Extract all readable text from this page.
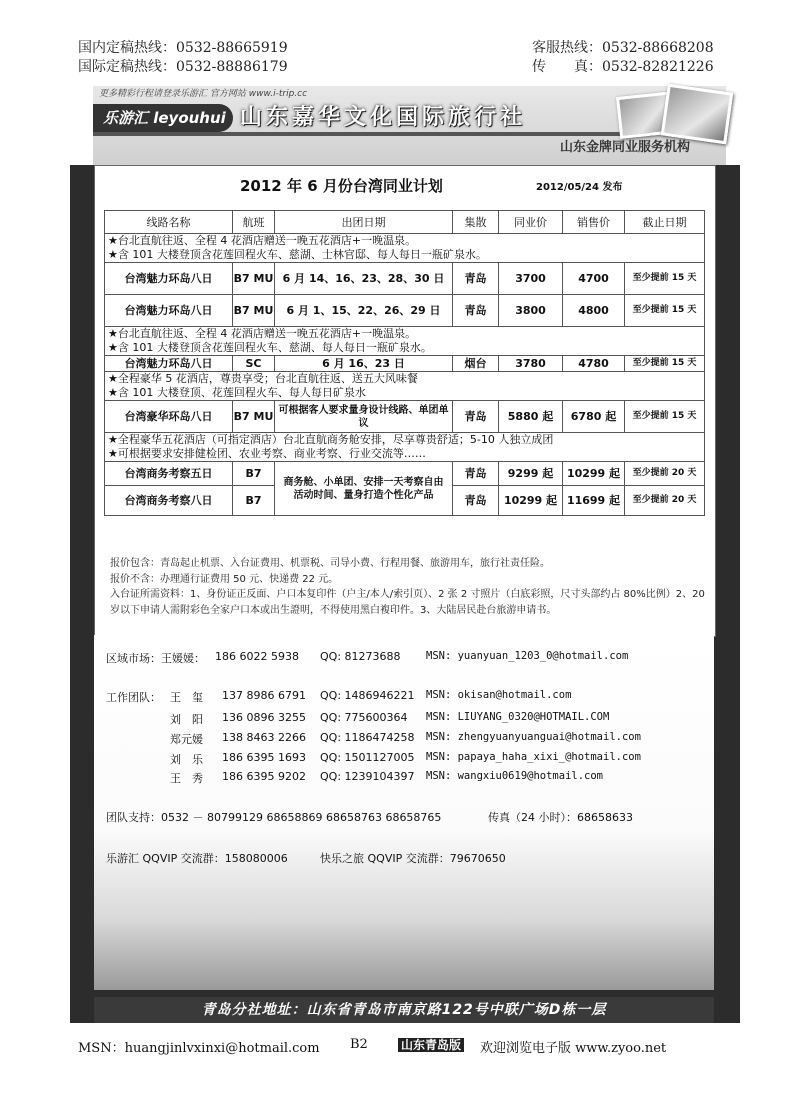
国内定稿热线：0532-88665919
国际定稿热线：0532-88886179
客服热线：0532-88668208
传　　真：0532-82821226
更多精彩行程请登录乐游汇 官方网站 www.i-trip.cc
乐游汇 leyouhui 山东嘉华文化国际旅行社
山东金牌同业服务机构
2012 年 6 月份台湾同业计划	2012/05/24 发布
线路名称	航班	出团日期	集散	同业价	销售价	截止日期

★台北直航往返、全程 4 花酒店赠送一晚五花酒店+一晚温泉。
★含 101 大楼登顶含花莲回程火车、慈湖、士林官邸、每人每日一瓶矿泉水。						

台湾魅力环岛八日	B7 MU	6 月 14、16、23、28、30 日	青岛	3700	4700	至少提前 15 天
台湾魅力环岛八日	B7 MU	6 月 1、15、22、26、29 日	青岛	3800	4800	至少提前 15 天

★台北直航往返、全程 4 花酒店赠送一晚五花酒店+一晚温泉。
★含 101 大楼登顶含花莲回程火车、慈湖、每人每日一瓶矿泉水。						

台湾魅力环岛八日	SC	6 月 16、23 日	烟台	3780	4780	至少提前 15 天

★全程豪华 5 花酒店，尊贵享受；台北直航往返、送五大风味餐
★含 101 大楼登顶、花莲回程火车、每人每日矿泉水						

台湾豪华环岛八日	B7 MU	可根据客人要求量身设计线路、单团单议	青岛	5880 起	6780 起	至少提前 15 天

★全程豪华五花酒店（可指定酒店）台北直航商务舱安排，尽享尊贵舒适；5-10 人独立成团
★可根据要求安排健检团、农业考察、商业考察、行业交流等……						

台湾商务考察五日	B7	商务舱、小单团、安排一天考察自由活动时间、量身打造个性化产品	青岛	9299 起	10299 起	至少提前 20 天
台湾商务考察八日	B7		青岛	10299 起	11699 起	至少提前 20 天
报价包含：青岛起止机票、入台证费用、机票税、司导小费、行程用餐、旅游用车，旅行社责任险。
报价不含：办理通行证费用 50 元、快递费 22 元。
入台证所需资料：1、身份证正反面、户口本复印件（户主/本人/索引页）、2 张 2 寸照片（白底彩照，尺寸头部约占 80%比例）2、20 岁以下申请人需附彩色全家户口本或出生證明，不得使用黑白複印件。3、大陆居民赴台旅游申请书。
区域市场：王媛媛： 186 6022 5938 QQ: 81273688 MSN: yuanyuan_1203_0@hotmail.com
工作团队： 王　玺 137 8986 6791 QQ: 1486946221 MSN: okisan@hotmail.com
刘　阳 136 0896 3255 QQ: 775600364 MSN: LIUYANG_0320@HOTMAIL.COM
郑元媛 138 8463 2266 QQ: 1186474258 MSN: zhengyuanyuanguai@hotmail.com
刘　乐 186 6395 1693 QQ: 1501127005 MSN: papaya_haha_xixi_@hotmail.com
王　秀 186 6395 9202 QQ: 1239104397 MSN: wangxiu0619@hotmail.com
团队支持：0532 － 80799129 68658869 68658763 68658765	传真（24 小时）：68658633
乐游汇 QQVIP 交流群：158080006	快乐之旅 QQVIP 交流群：79670650
青岛分社地址：山东省青岛市南京路122号中联广场D栋一层
MSN：huangjinlvxinxi@hotmail.com B2	山东青岛版 欢迎浏览电子版 www.zyoo.net
